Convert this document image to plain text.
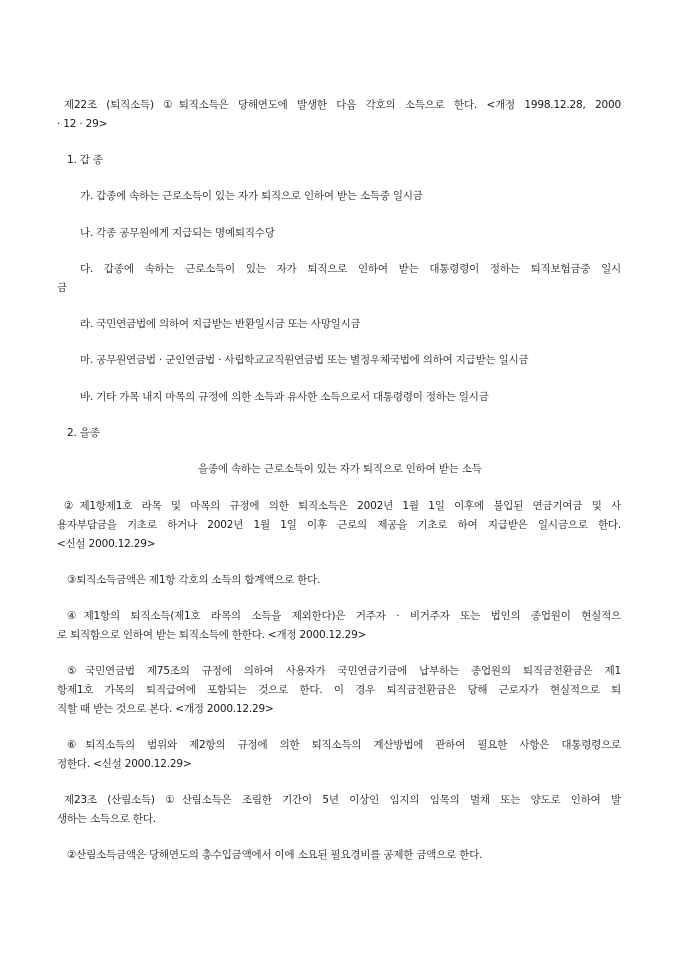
제22조 (퇴직소득) ①퇴직소득은 당해연도에 발생한 다음 각호의 소득으로 한다. <개정 1998.12.28, 2000
· 12 · 29>
1. 갑 종
가. 갑종에 속하는 근로소득이 있는 자가 퇴직으로 인하여 받는 소득중 일시금
나. 각종 공무원에게 지급되는 명예퇴직수당
다. 갑종에 속하는 근로소득이 있는 자가 퇴직으로 인하여 받는 대통령령이 정하는 퇴직보험금중 일시
금
라. 국민연금법에 의하여 지급받는 반환일시금 또는 사망일시금
마. 공무원연금법 · 군인연금법 · 사립학교교직원연금법 또는 별정우체국법에 의하여 지급받는 일시금
바. 기타 가목 내지 마목의 규정에 의한 소득과 유사한 소득으로서 대통령령이 정하는 일시금
2. 을종
을종에 속하는 근로소득이 있는 자가 퇴직으로 인하여 받는 소득
②제1항제1호 라목 및 마목의 규정에 의한 퇴직소득은 2002년 1월 1일 이후에 불입된 연금기여금 및 사
용자부담금을 기초로 하거나 2002년 1월 1일 이후 근로의 제공을 기초로 하여 지급받은 일시금으로 한다.
<신설 2000.12.29>
③퇴직소득금액은 제1항 각호의 소득의 합계액으로 한다.
④제1항의 퇴직소득(제1호 라목의 소득을 제외한다)은 거주자 · 비거주자 또는 법인의 종업원이 현실적으
로 퇴직함으로 인하여 받는 퇴직소득에 한한다. <개정 2000.12.29>
⑤국민연금법 제75조의 규정에 의하여 사용자가 국민연금기금에 납부하는 종업원의 퇴직금전환금은 제1
항제1호 가목의 퇴직급여에 포함되는 것으로 한다. 이 경우 퇴직금전환금은 당해 근로자가 현실적으로 퇴
직할 때 받는 것으로 본다. <개정 2000.12.29>
⑥퇴직소득의 범위와 제2항의 규정에 의한 퇴직소득의 계산방법에 관하여 필요한 사항은 대통령령으로
정한다. <신설 2000.12.29>
제23조 (산림소득) ①산림소득은 조림한 기간이 5년 이상인 임지의 임목의 벌채 또는 양도로 인하여 발
생하는 소득으로 한다.
②산림소득금액은 당해연도의 총수입금액에서 이에 소요된 필요경비를 공제한 금액으로 한다.
